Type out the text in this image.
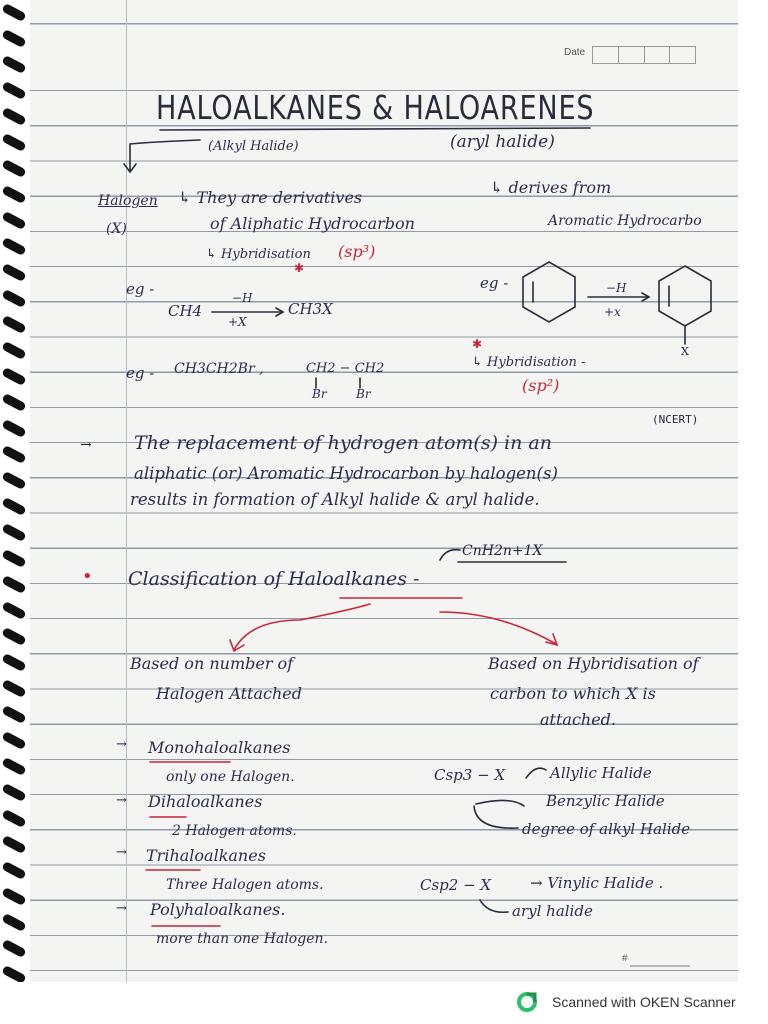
Date
HALOALKANES & HALOARENES
(Alkyl Halide)	(aryl halide)
Halogen
(X)
↳ They are derivatives
of Aliphatic Hydrocarbon
↳ Hybridisation (sp³)
✱
eg -
CH4
−H
+X
CH3X
eg - CH3CH2Br ,	CH2 − CH2
Br Br
↳ derives from
Aromatic Hydrocarbo
eg -	−H
+x
X
↳ Hybridisation -
(sp²)
✱
(NCERT)
→ The replacement of hydrogen atom(s) in an
aliphatic (or) Aromatic Hydrocarbon by halogen(s)
results in formation of Alkyl halide & aryl halide.
CnH2n+1X
• Classification of Haloalkanes -
Based on number of
Halogen Attached
Based on Hybridisation of
carbon to which X is
attached.
→ Monohaloalkanes
only one Halogen.
→ Dihaloalkanes
2 Halogen atoms.
→ Trihaloalkanes
Three Halogen atoms.
→ Polyhaloalkanes.
more than one Halogen.
Csp3 − X	Allylic Halide
Benzylic Halide
degree of alkyl Halide
Csp2 − X	→ Vinylic Halide .
aryl halide
#
Scanned with OKEN Scanner
